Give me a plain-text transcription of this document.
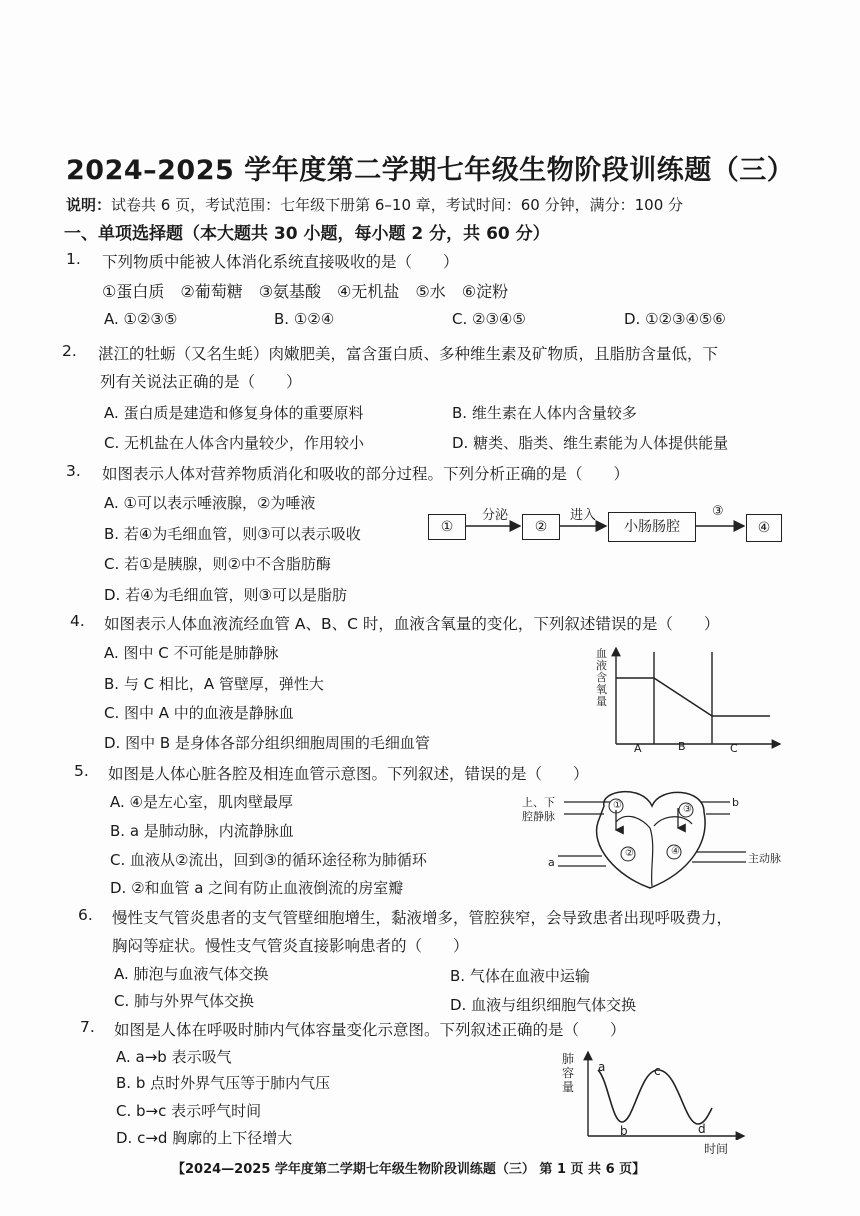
2024–2025 学年度第二学期七年级生物阶段训练题（三）
说明：试卷共 6 页，考试范围：七年级下册第 6–10 章，考试时间：60 分钟，满分：100 分
一、单项选择题（本大题共 30 小题，每小题 2 分，共 60 分）
1. 下列物质中能被人体消化系统直接吸收的是（　　）
①蛋白质　②葡萄糖　③氨基酸　④无机盐　⑤水　⑥淀粉
A. ①②③⑤	B. ①②④	C. ②③④⑤	D. ①②③④⑤⑥
2. 湛江的牡蛎（又名生蚝）肉嫩肥美，富含蛋白质、多种维生素及矿物质，且脂肪含量低，下
列有关说法正确的是（　　）
A. 蛋白质是建造和修复身体的重要原料	B. 维生素在人体内含量较多
C. 无机盐在人体含内量较少，作用较小	D. 糖类、脂类、维生素能为人体提供能量
3. 如图表示人体对营养物质消化和吸收的部分过程。下列分析正确的是（　　）
A. ①可以表示唾液腺，②为唾液
B. 若④为毛细血管，则③可以表示吸收
C. 若①是胰腺，则②中不含脂肪酶
D. 若④为毛细血管，则③可以是脂肪
①	②	小肠肠腔	④
分泌	进入	③
4. 如图表示人体血液流经血管 A、B、C 时，血液含氧量的变化，下列叙述错误的是（　　）
A. 图中 C 不可能是肺静脉
B. 与 C 相比，A 管壁厚，弹性大
C. 图中 A 中的血液是静脉血
D. 图中 B 是身体各部分组织细胞周围的毛细血管
血
液
含
氧
量
A	B	C
5. 如图是人体心脏各腔及相连血管示意图。下列叙述，错误的是（　　）
A. ④是左心室，肌肉壁最厚
B. a 是肺动脉，内流静脉血
C. 血液从②流出，回到③的循环途径称为肺循环
D. ②和血管 a 之间有防止血液倒流的房室瓣
上、下
腔静脉
b
a	主动脉
①	③
②	④
6. 慢性支气管炎患者的支气管壁细胞增生，黏液增多，管腔狭窄，会导致患者出现呼吸费力，
胸闷等症状。慢性支气管炎直接影响患者的（　　）
A. 肺泡与血液气体交换	B. 气体在血液中运输
C. 肺与外界气体交换	D. 血液与组织细胞气体交换
7. 如图是人体在呼吸时肺内气体容量变化示意图。下列叙述正确的是（　　）
A. a→b 表示吸气
B. b 点时外界气压等于肺内气压
C. b→c 表示呼气时间
D. c→d 胸廓的上下径增大
肺
容
量
a
b
c
d
时间
【2024—2025 学年度第二学期七年级生物阶段训练题（三） 第 1 页 共 6 页】
